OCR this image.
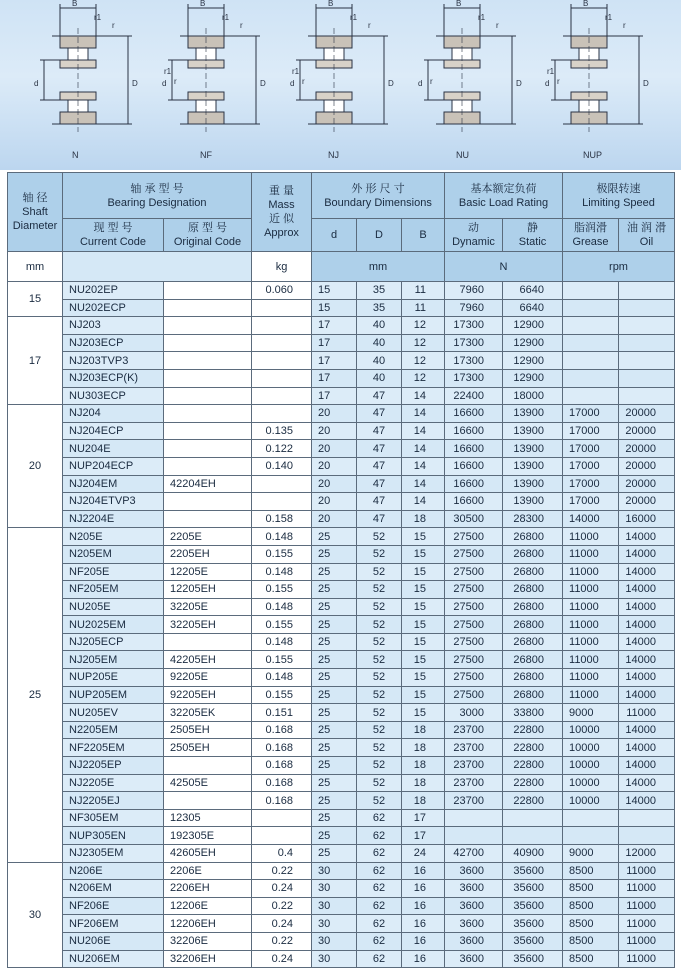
B
r1
r
d	D
N
B
r1
r
r1
r
d	D
NF
B
r1
r
r
r1
d	D
NJ
B
r1
r
r
d	D
NU
B
r1
r
r1
r
d	D
NUP
轴 径
Shaft
Diameter	轴 承 型 号
Bearing Designation		重 量
Mass
近 似
Approx	外 形 尺 寸
Boundary Dimensions			基本额定负荷
Basic Load Rating		极限转速
Limiting Speed	

	现 型 号
Current Code	原 型 号
Original Code		d	D	B	动
Dynamic	静
Static	脂润滑
Grease	油 润 滑
Oil

mm			kg	mm			N		rpm	
15	NU202EP		0.060	15	35	11	7960	6640		
	NU202ECP			15	35	11	7960	6640		
17	NJ203			17	40	12	17300	12900		
	NJ203ECP			17	40	12	17300	12900		
	NJ203TVP3			17	40	12	17300	12900		
	NJ203ECP(K)			17	40	12	17300	12900		
	NU303ECP			17	47	14	22400	18000		
20	NJ204			20	47	14	16600	13900	17000	20000
	NJ204ECP		0.135	20	47	14	16600	13900	17000	20000
	NU204E		0.122	20	47	14	16600	13900	17000	20000
	NUP204ECP		0.140	20	47	14	16600	13900	17000	20000
	NJ204EM	42204EH		20	47	14	16600	13900	17000	20000
	NJ204ETVP3			20	47	14	16600	13900	17000	20000
	NJ2204E		0.158	20	47	18	30500	28300	14000	16000
25	N205E	2205E	0.148	25	52	15	27500	26800	11000	14000
	N205EM	2205EH	0.155	25	52	15	27500	26800	11000	14000
	NF205E	12205E	0.148	25	52	15	27500	26800	11000	14000
	NF205EM	12205EH	0.155	25	52	15	27500	26800	11000	14000
	NU205E	32205E	0.148	25	52	15	27500	26800	11000	14000
	NU2025EM	32205EH	0.155	25	52	15	27500	26800	11000	14000
	NJ205ECP		0.148	25	52	15	27500	26800	11000	14000
	NJ205EM	42205EH	0.155	25	52	15	27500	26800	11000	14000
	NUP205E	92205E	0.148	25	52	15	27500	26800	11000	14000
	NUP205EM	92205EH	0.155	25	52	15	27500	26800	11000	14000
	NU205EV	32205EK	0.151	25	52	15	3000	33800	9000	11000
	N2205EM	2505EH	0.168	25	52	18	23700	22800	10000	14000
	NF2205EM	2505EH	0.168	25	52	18	23700	22800	10000	14000
	NJ2205EP		0.168	25	52	18	23700	22800	10000	14000
	NJ2205E	42505E	0.168	25	52	18	23700	22800	10000	14000
	NJ2205EJ		0.168	25	52	18	23700	22800	10000	14000
	NF305EM	12305		25	62	17				
	NUP305EN	192305E		25	62	17				
	NJ2305EM	42605EH	0.4	25	62	24	42700	40900	9000	12000
30	N206E	2206E	0.22	30	62	16	3600	35600	8500	11000
	N206EM	2206EH	0.24	30	62	16	3600	35600	8500	11000
	NF206E	12206E	0.22	30	62	16	3600	35600	8500	11000
	NF206EM	12206EH	0.24	30	62	16	3600	35600	8500	11000
	NU206E	32206E	0.22	30	62	16	3600	35600	8500	11000
	NU206EM	32206EH	0.24	30	62	16	3600	35600	8500	11000
